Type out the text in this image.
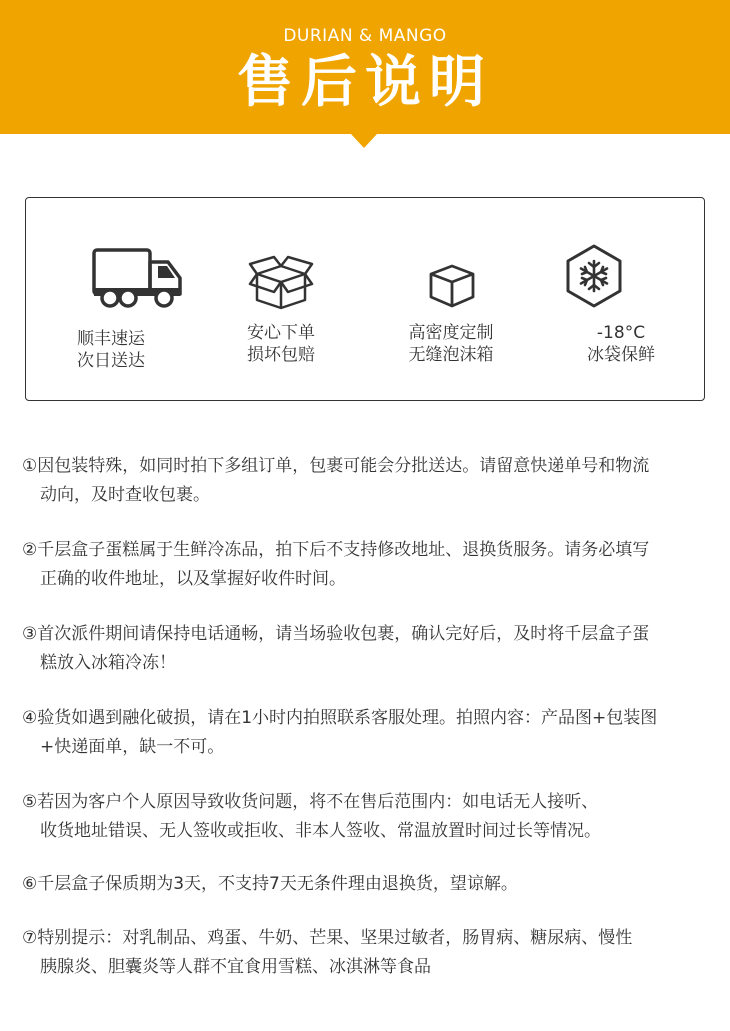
DURIAN & MANGO
售后说明
顺丰速运
次日送达
安心下单
损坏包赔
高密度定制
无缝泡沫箱
-18°C
冰袋保鲜
①因包装特殊，如同时拍下多组订单，包裹可能会分批送达。请留意快递单号和物流
动向，及时查收包裹。
②千层盒子蛋糕属于生鲜冷冻品，拍下后不支持修改地址、退换货服务。请务必填写
正确的收件地址，以及掌握好收件时间。
③首次派件期间请保持电话通畅，请当场验收包裹，确认完好后，及时将千层盒子蛋
糕放入冰箱冷冻！
④验货如遇到融化破损，请在1小时内拍照联系客服处理。拍照内容：产品图+包装图
+快递面单，缺一不可。
⑤若因为客户个人原因导致收货问题，将不在售后范围内：如电话无人接听、
收货地址错误、无人签收或拒收、非本人签收、常温放置时间过长等情况。
⑥千层盒子保质期为3天，不支持7天无条件理由退换货，望谅解。
⑦特别提示：对乳制品、鸡蛋、牛奶、芒果、坚果过敏者，肠胃病、糖尿病、慢性
胰腺炎、胆囊炎等人群不宜食用雪糕、冰淇淋等食品
